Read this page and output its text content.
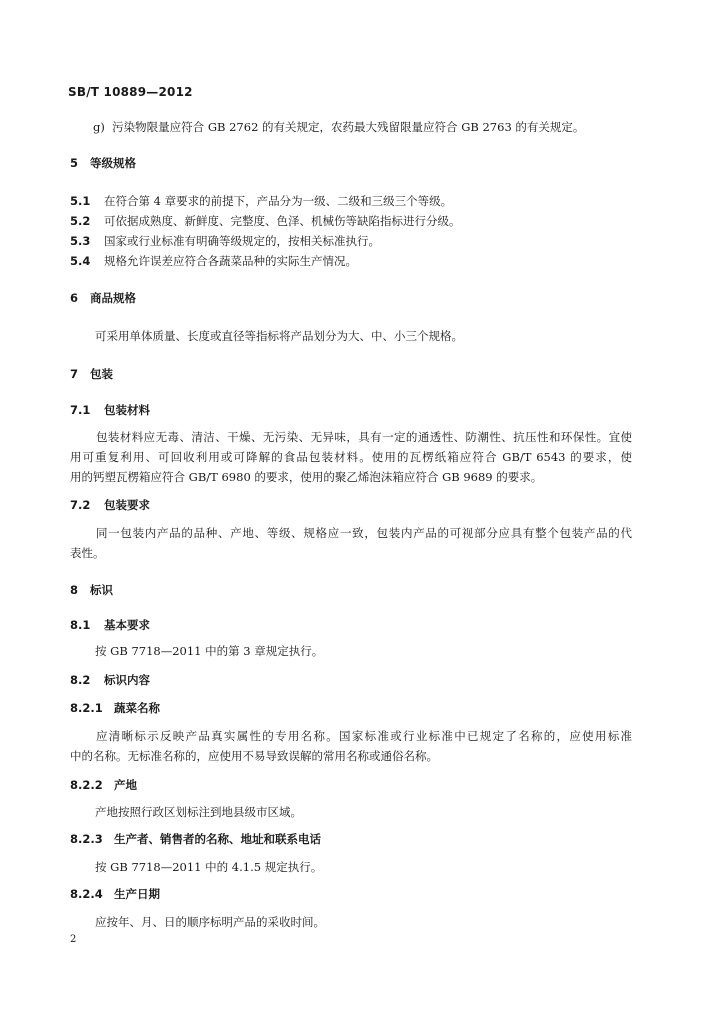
SB/T 10889—2012
g) 污染物限量应符合 GB 2762 的有关规定，农药最大残留限量应符合 GB 2763 的有关规定。
5 等级规格
5.1 在符合第 4 章要求的前提下，产品分为一级、二级和三级三个等级。
5.2 可依据成熟度、新鲜度、完整度、色泽、机械伤等缺陷指标进行分级。
5.3 国家或行业标准有明确等级规定的，按相关标准执行。
5.4 规格允许误差应符合各蔬菜品种的实际生产情况。
6 商品规格
可采用单体质量、长度或直径等指标将产品划分为大、中、小三个规格。
7 包装
7.1 包装材料
包装材料应无毒、清洁、干燥、无污染、无异味，具有一定的通透性、防潮性、抗压性和环保性。宜使
用可重复利用、可回收利用或可降解的食品包装材料。使用的瓦楞纸箱应符合 GB/T 6543 的要求，使
用的钙塑瓦楞箱应符合 GB/T 6980 的要求，使用的聚乙烯泡沫箱应符合 GB 9689 的要求。
7.2 包装要求
同一包装内产品的品种、产地、等级、规格应一致，包装内产品的可视部分应具有整个包装产品的代
表性。
8 标识
8.1 基本要求
按 GB 7718—2011 中的第 3 章规定执行。
8.2 标识内容
8.2.1 蔬菜名称
应清晰标示反映产品真实属性的专用名称。国家标准或行业标准中已规定了名称的，应使用标准
中的名称。无标准名称的，应使用不易导致误解的常用名称或通俗名称。
8.2.2 产地
产地按照行政区划标注到地县级市区域。
8.2.3 生产者、销售者的名称、地址和联系电话
按 GB 7718—2011 中的 4.1.5 规定执行。
8.2.4 生产日期
应按年、月、日的顺序标明产品的采收时间。
2
